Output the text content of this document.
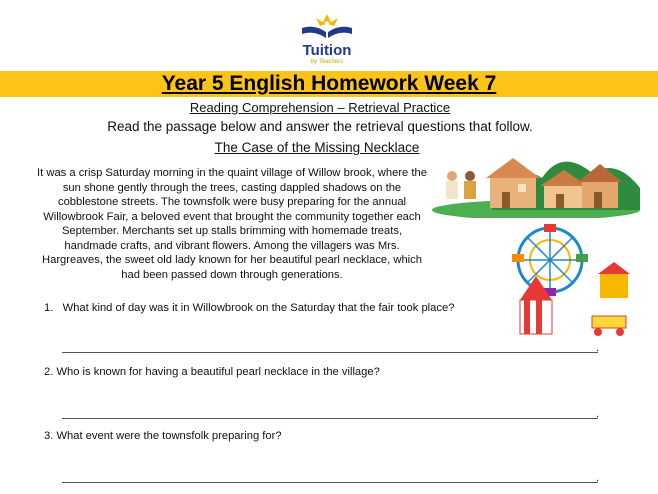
Tuition
by Teachers
Year 5 English Homework Week 7
Reading Comprehension – Retrieval Practice
Read the passage below and answer the retrieval questions that follow.
The Case of the Missing Necklace
It was a crisp Saturday morning in the quaint village of Willow brook, where the sun shone gently through the trees, casting dappled shadows on the cobblestone streets. The townsfolk were busy preparing for the annual Willowbrook Fair, a beloved event that brought the community together each September. Merchants set up stalls brimming with homemade treats, handmade crafts, and vibrant flowers. Among the villagers was Mrs. Hargreaves, the sweet old lady known for her beautiful pearl necklace, which had been passed down through generations.
1.   What kind of day was it in Willowbrook on the Saturday that the fair took place?
.
2. Who is known for having a beautiful pearl necklace in the village?
.
3. What event were the townsfolk preparing for?
.
